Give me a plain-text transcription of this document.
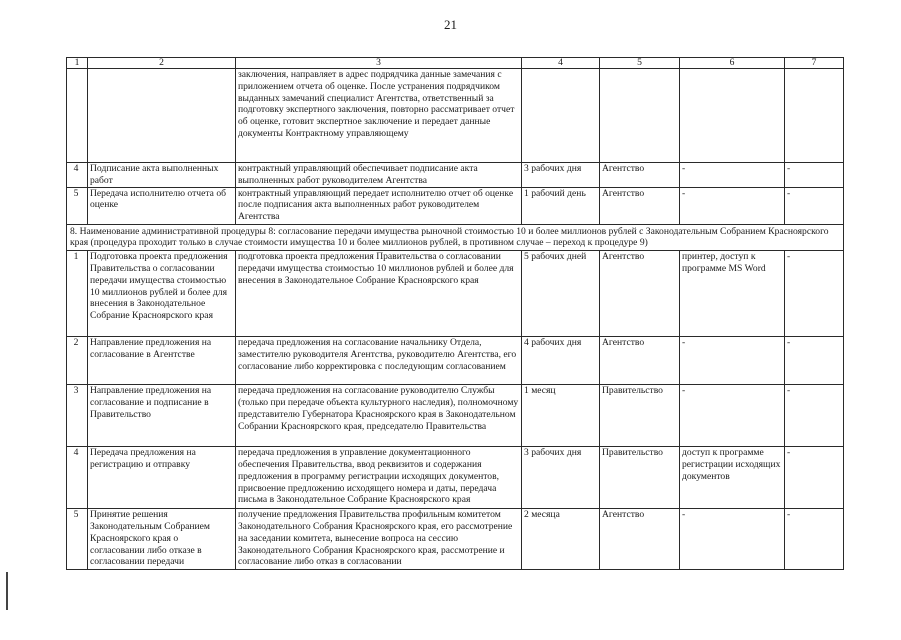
21
1	2	3	4	5	6	7
		заключения, направляет в адрес подрядчика данные замечания с приложением отчета об оценке. После устранения подрядчиком выданных замечаний специалист Агентства, ответственный за подготовку экспертного заключения, повторно рассматривает отчет об оценке, готовит экспертное заключение и передает данные документы Контрактному управляющему				
4	Подписание акта выполненных работ	контрактный управляющий обеспечивает подписание акта выполненных работ руководителем Агентства	3 рабочих дня	Агентство	-	-
5	Передача исполнителю отчета об оценке	контрактный управляющий передает исполнителю отчет об оценке после подписания акта выполненных работ руководителем Агентства	1 рабочий день	Агентство	-	-
8. Наименование административной процедуры 8: согласование передачи имущества рыночной стоимостью 10 и более миллионов рублей с Законодательным Собранием Красноярского края (процедура проходит только в случае стоимости имущества 10 и более миллионов рублей, в противном случае – переход к процедуре 9)						
1	Подготовка проекта предложения Правительства о согласовании передачи имущества стоимостью 10 миллионов рублей и более для внесения в Законодательное Собрание Красноярского края	подготовка проекта предложения Правительства о согласовании передачи имущества стоимостью 10 миллионов рублей и более для внесения в Законодательное Собрание Красноярского края	5 рабочих дней	Агентство	принтер, доступ к программе MS Word	-
2	Направление предложения на согласование в Агентстве	передача предложения на согласование начальнику Отдела, заместителю руководителя Агентства, руководителю Агентства, его согласование либо корректировка с последующим согласованием	4 рабочих дня	Агентство	-	-
3	Направление предложения на согласование и подписание в Правительство	передача предложения на согласование руководителю Службы (только при передаче объекта культурного наследия), полномочному представителю Губернатора Красноярского края в Законодательном Собрании Красноярского края, председателю Правительства	1 месяц	Правительство	-	-
4	Передача предложения на регистрацию и отправку	передача предложения в управление документационного обеспечения Правительства, ввод реквизитов и содержания предложения в программу регистрации исходящих документов, присвоение предложению исходящего номера и даты, передача письма в Законодательное Собрание Красноярского края	3 рабочих дня	Правительство	доступ к программе регистрации исходящих документов	-
5	Принятие решения Законодательным Собранием Красноярского края о согласовании либо отказе в согласовании передачи	получение предложения Правительства профильным комитетом Законодательного Собрания Красноярского края, его рассмотрение на заседании комитета, вынесение вопроса на сессию Законодательного Собрания Красноярского края, рассмотрение и согласование либо отказ в согласовании	2 месяца	Агентство	-	-
